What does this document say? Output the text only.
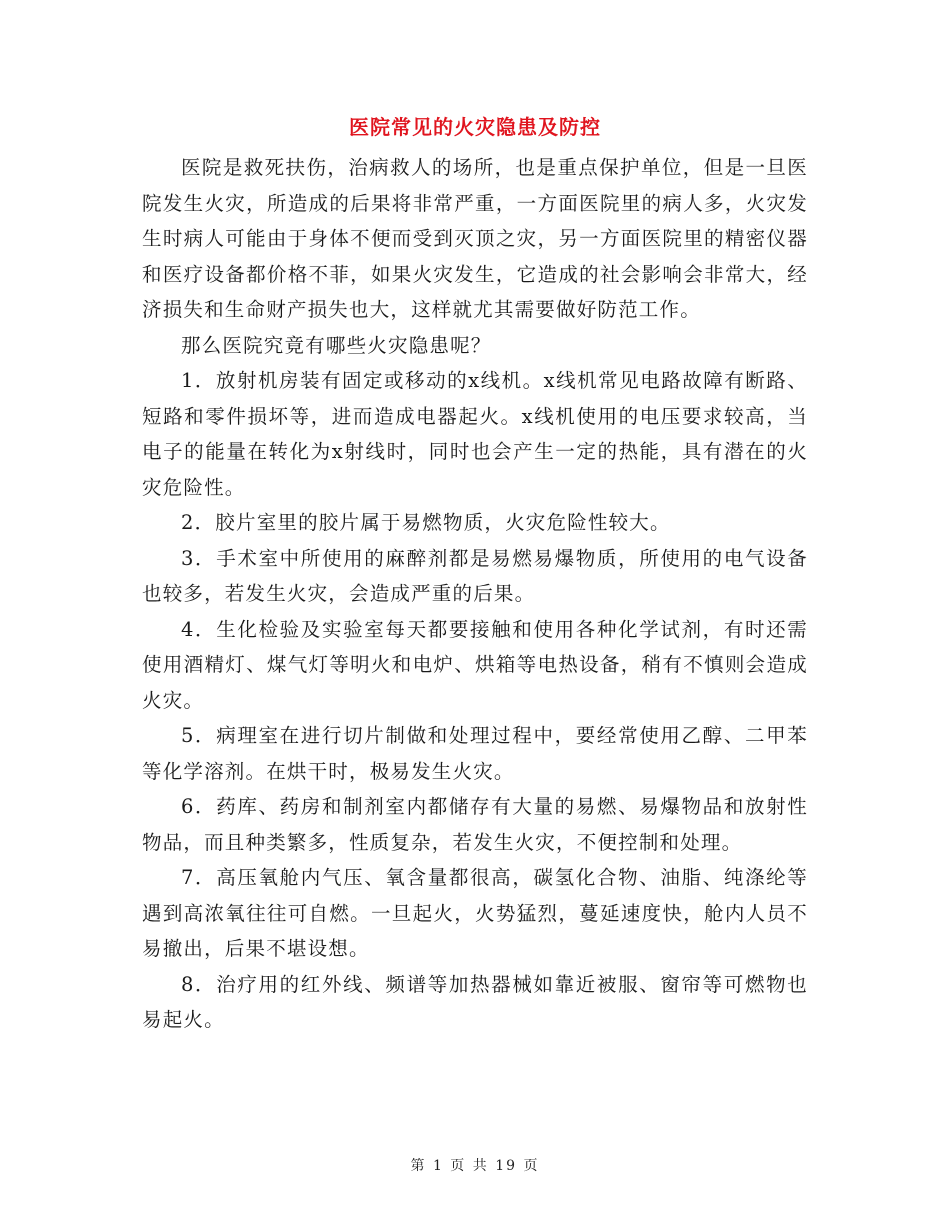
医院常见的火灾隐患及防控

医院是救死扶伤，治病救人的场所，也是重点保护单位，但是一旦医院发生火灾，所造成的后果将非常严重，一方面医院里的病人多，火灾发生时病人可能由于身体不便而受到灭顶之灾，另一方面医院里的精密仪器和医疗设备都价格不菲，如果火灾发生，它造成的社会影响会非常大，经济损失和生命财产损失也大，这样就尤其需要做好防范工作。

那么医院究竟有哪些火灾隐患呢？

1．放射机房装有固定或移动的x线机。x线机常见电路故障有断路、短路和零件损坏等，进而造成电器起火。x线机使用的电压要求较高，当电子的能量在转化为x射线时，同时也会产生一定的热能，具有潜在的火灾危险性。

2．胶片室里的胶片属于易燃物质，火灾危险性较大。

3．手术室中所使用的麻醉剂都是易燃易爆物质，所使用的电气设备也较多，若发生火灾，会造成严重的后果。

4．生化检验及实验室每天都要接触和使用各种化学试剂，有时还需使用酒精灯、煤气灯等明火和电炉、烘箱等电热设备，稍有不慎则会造成火灾。

5．病理室在进行切片制做和处理过程中，要经常使用乙醇、二甲苯等化学溶剂。在烘干时，极易发生火灾。

6．药库、药房和制剂室内都储存有大量的易燃、易爆物品和放射性物品，而且种类繁多，性质复杂，若发生火灾，不便控制和处理。

7．高压氧舱内气压、氧含量都很高，碳氢化合物、油脂、纯涤纶等遇到高浓氧往往可自燃。一旦起火，火势猛烈，蔓延速度快，舱内人员不易撤出，后果不堪设想。

8．治疗用的红外线、频谱等加热器械如靠近被服、窗帘等可燃物也易起火。

第 1 页 共 19 页
